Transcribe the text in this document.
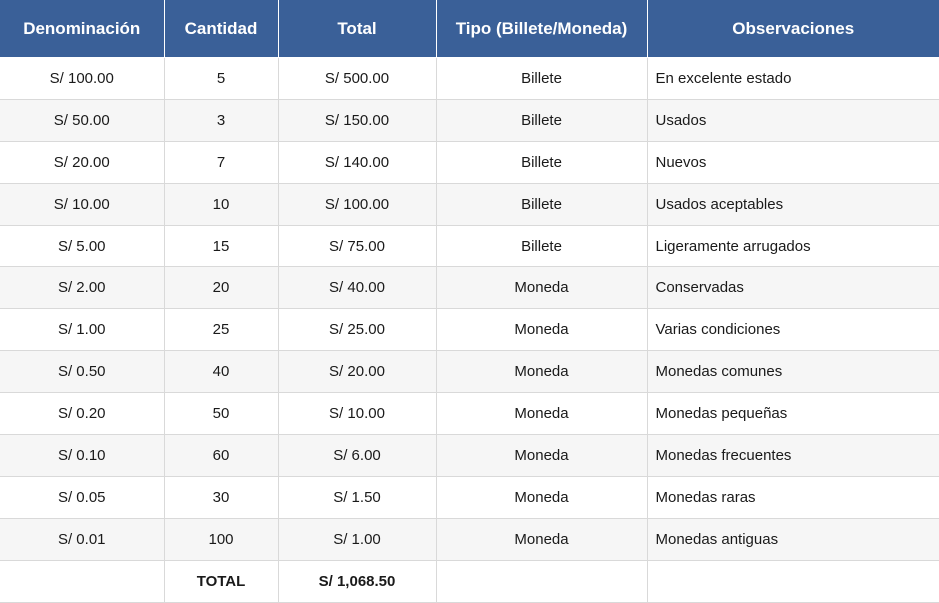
Denominación	Cantidad	Total	Tipo (Billete/Moneda)	Observaciones
S/ 100.00	5	S/ 500.00	Billete	En excelente estado
S/ 50.00	3	S/ 150.00	Billete	Usados
S/ 20.00	7	S/ 140.00	Billete	Nuevos
S/ 10.00	10	S/ 100.00	Billete	Usados aceptables
S/ 5.00	15	S/ 75.00	Billete	Ligeramente arrugados
S/ 2.00	20	S/ 40.00	Moneda	Conservadas
S/ 1.00	25	S/ 25.00	Moneda	Varias condiciones
S/ 0.50	40	S/ 20.00	Moneda	Monedas comunes
S/ 0.20	50	S/ 10.00	Moneda	Monedas pequeñas
S/ 0.10	60	S/ 6.00	Moneda	Monedas frecuentes
S/ 0.05	30	S/ 1.50	Moneda	Monedas raras
S/ 0.01	100	S/ 1.00	Moneda	Monedas antiguas
	TOTAL	S/ 1,068.50		
